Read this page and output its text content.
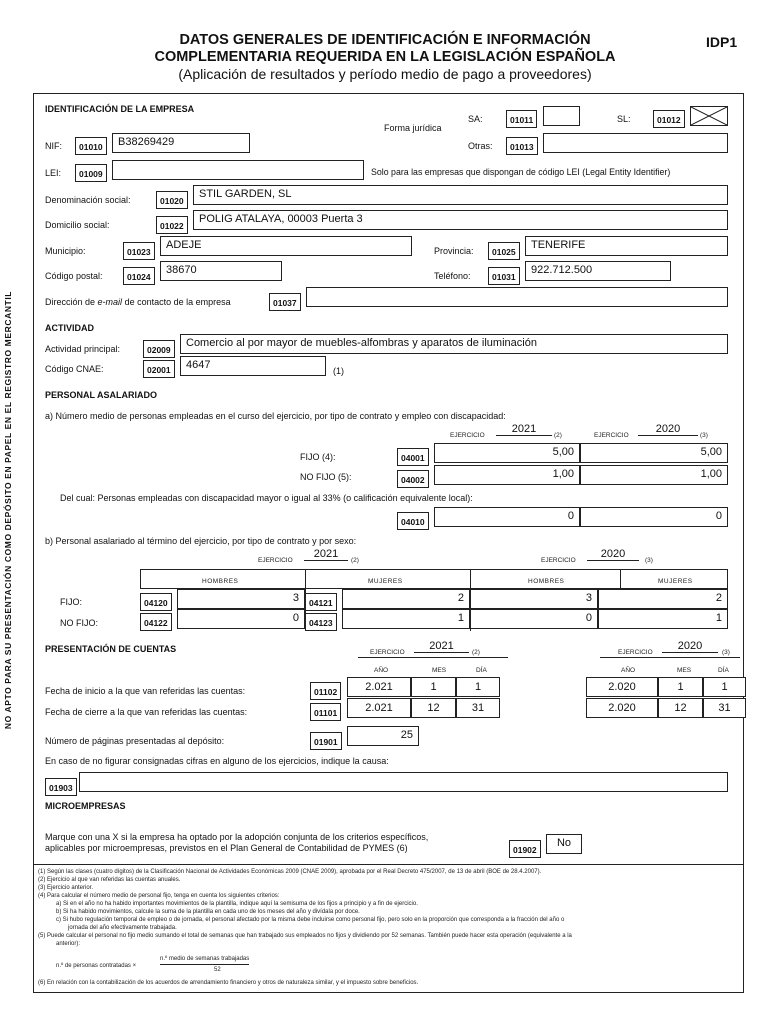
DATOS GENERALES DE IDENTIFICACIÓN E INFORMACIÓN
COMPLEMENTARIA REQUERIDA EN LA LEGISLACIÓN ESPAÑOLA
(Aplicación de resultados y período medio de pago a proveedores)
IDP1
NO APTO PARA SU PRESENTACIÓN COMO DEPÓSITO EN PAPEL EN EL REGISTRO MERCANTIL
IDENTIFICACIÓN DE LA EMPRESA
Forma jurídica
SA:	01011	SL:	01012
Otras:	01013
NIF:	01010	B38269429
LEI:	01009	Solo para las empresas que dispongan de código LEI (Legal Entity Identifier)
Denominación social:	01020
STIL GARDEN, SL
Domicilio social:	01022
POLIG ATALAYA, 00003 Puerta 3
Municipio:	01023
ADEJE	Provincia:	01025
TENERIFE
Código postal:	01024
38670	Teléfono:	01031
922.712.500
Dirección de e-mail de contacto de la empresa	01037
ACTIVIDAD
Actividad principal:	02009
Comercio al por mayor de muebles-alfombras y aparatos de iluminación
Código CNAE:	02001	4647	(1)
PERSONAL ASALARIADO
a) Número medio de personas empleadas en el curso del ejercicio, por tipo de contrato y empleo con discapacidad:
EJERCICIO
2021
(2)	EJERCICIO
2020
(3)
FIJO (4):	04001	5,00	5,00
NO FIJO (5):	04002	1,00	1,00
Del cual: Personas empleadas con discapacidad mayor o igual al 33% (o calificación equivalente local):
04010	0	0
b) Personal asalariado al término del ejercicio, por tipo de contrato y por sexo:
EJERCICIO
2021
(2)	EJERCICIO
2020
(3)
HOMBRES	MUJERES	HOMBRES	MUJERES
FIJO:	04120	3	04121	2	3	2
NO FIJO:	04122	0	04123	1	0	1
PRESENTACIÓN DE CUENTAS	EJERCICIO
2021
(2)	EJERCICIO
2020
(3)
AÑO	MES	DÍA	AÑO	MES	DÍA
Fecha de inicio a la que van referidas las cuentas:	01102	2.021	1	1	2.020	1	1
Fecha de cierre a la que van referidas las cuentas:	01101	2.021	12	31	2.020	12	31
Número de páginas presentadas al depósito:	01901
25
En caso de no figurar consignadas cifras en alguno de los ejercicios, indique la causa:
01903
MICROEMPRESAS
Marque con una X si la empresa ha optado por la adopción conjunta de los criterios específicos,
aplicables por microempresas, previstos en el Plan General de Contabilidad de PYMES (6)	01902
No
(1) Según las clases (cuatro dígitos) de la Clasificación Nacional de Actividades Económicas 2009 (CNAE 2009), aprobada por el Real Decreto 475/2007, de 13 de abril (BOE de 28.4.2007).
(2) Ejercicio al que van referidas las cuentas anuales.
(3) Ejercicio anterior.
(4) Para calcular el número medio de personal fijo, tenga en cuenta los siguientes criterios:
a) Si en el año no ha habido importantes movimientos de la plantilla, indique aquí la semisuma de los fijos a principio y a fin de ejercicio.
b) Si ha habido movimientos, calcule la suma de la plantilla en cada uno de los meses del año y divídala por doce.
c) Si hubo regulación temporal de empleo o de jornada, el personal afectado por la misma debe incluirse como personal fijo, pero solo en la proporción que corresponda a la fracción del año o
jornada del año efectivamente trabajada.
(5) Puede calcular el personal no fijo medio sumando el total de semanas que han trabajado sus empleados no fijos y dividiendo por 52 semanas. También puede hacer esta operación (equivalente a la
anterior):
n.º de personas contratadas ×
n.º medio de semanas trabajadas
52
(6) En relación con la contabilización de los acuerdos de arrendamiento financiero y otros de naturaleza similar, y el impuesto sobre beneficios.
